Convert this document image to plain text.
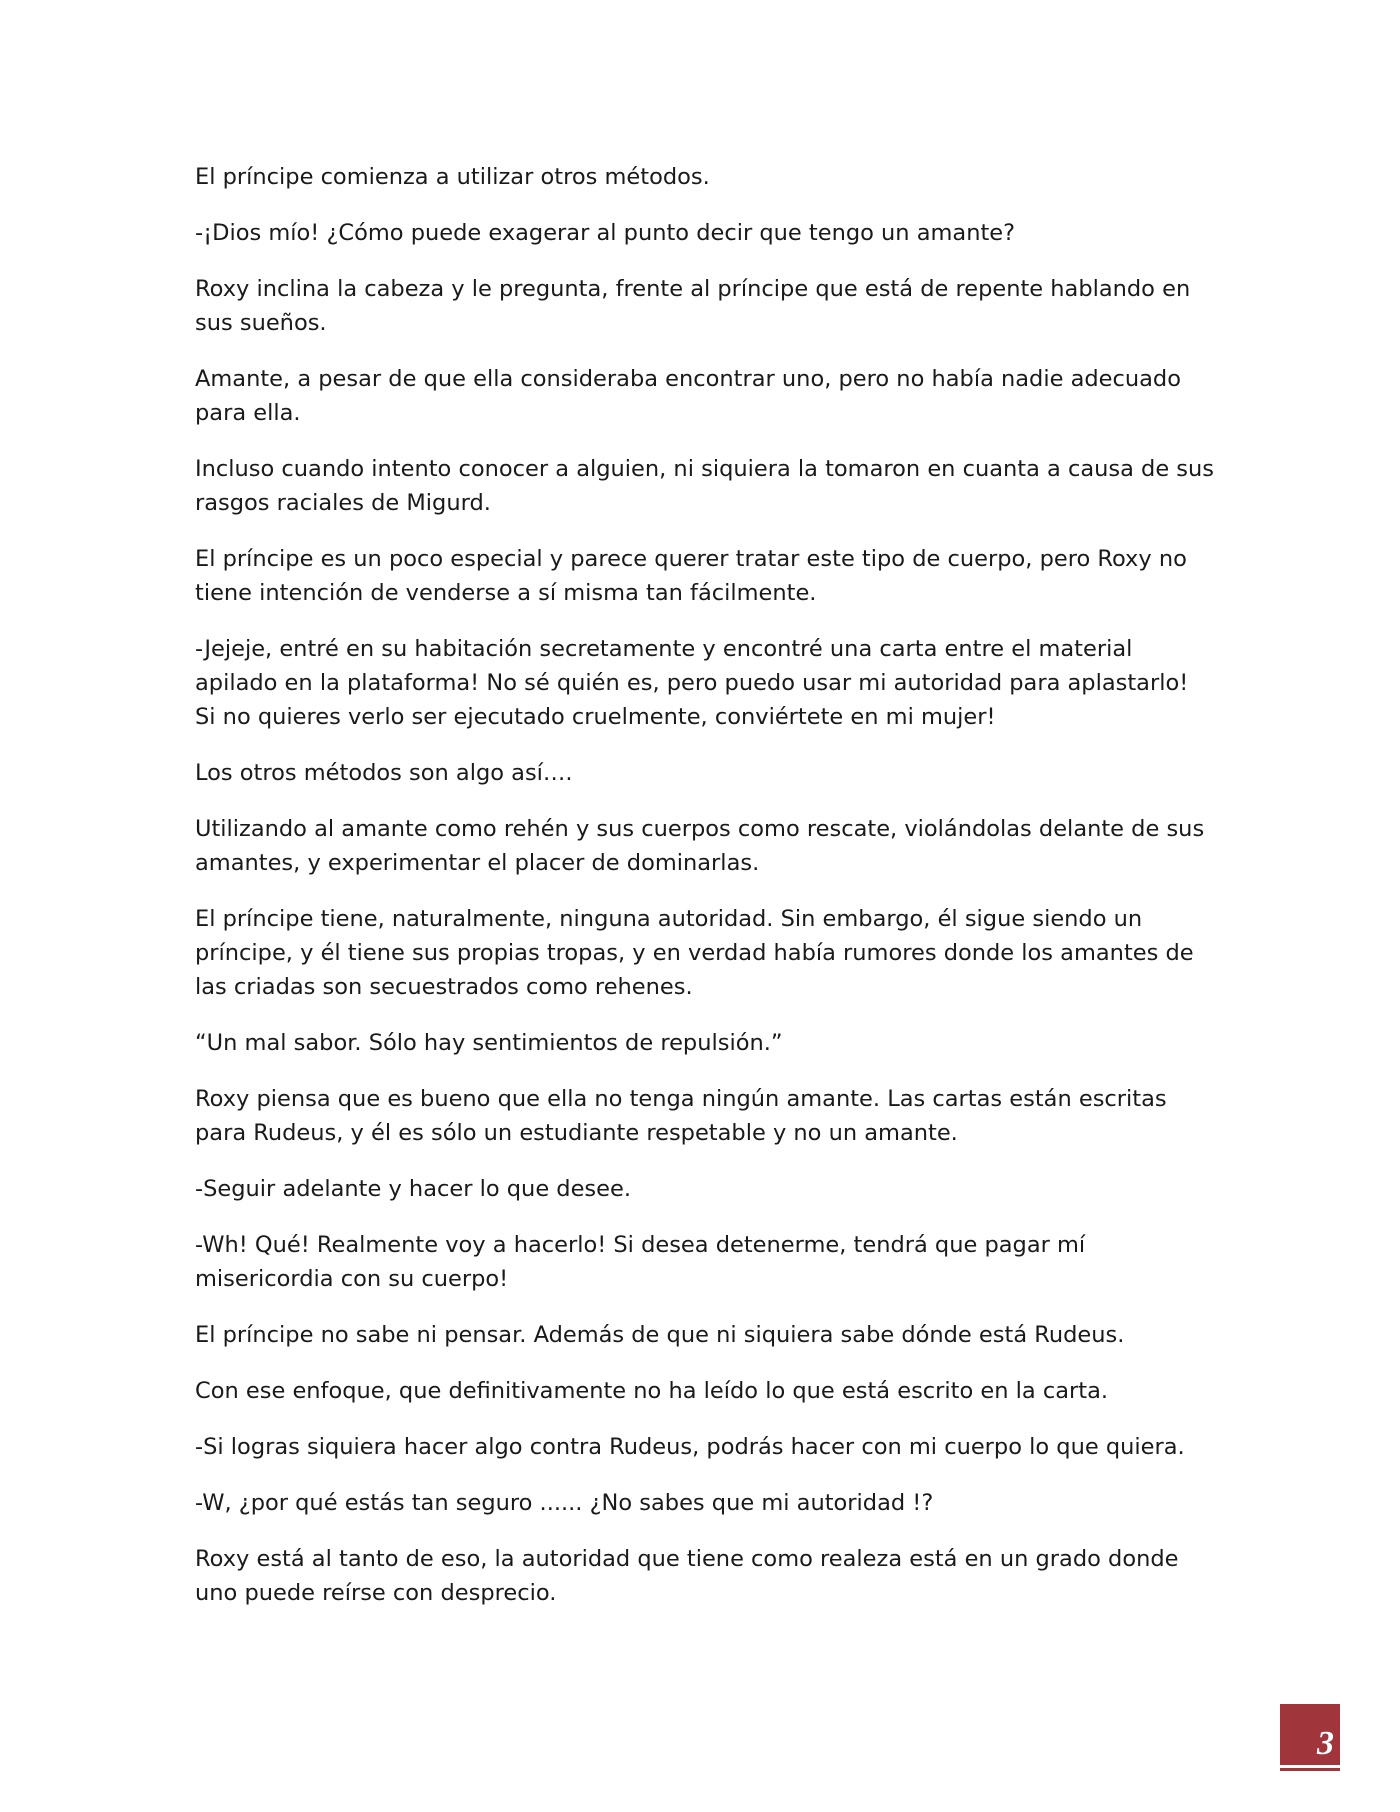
El príncipe comienza a utilizar otros métodos.

-¡Dios mío! ¿Cómo puede exagerar al punto decir que tengo un amante?

Roxy inclina la cabeza y le pregunta, frente al príncipe que está de repente hablando en sus sueños.

Amante, a pesar de que ella consideraba encontrar uno, pero no había nadie adecuado para ella.

Incluso cuando intento conocer a alguien, ni siquiera la tomaron en cuanta a causa de sus rasgos raciales de Migurd.

El príncipe es un poco especial y parece querer tratar este tipo de cuerpo, pero Roxy no tiene intención de venderse a sí misma tan fácilmente.

-Jejeje, entré en su habitación secretamente y encontré una carta entre el material apilado en la plataforma! No sé quién es, pero puedo usar mi autoridad para aplastarlo! Si no quieres verlo ser ejecutado cruelmente, conviértete en mi mujer!

Los otros métodos son algo así….

Utilizando al amante como rehén y sus cuerpos como rescate, violándolas delante de sus amantes, y experimentar el placer de dominarlas.

El príncipe tiene, naturalmente, ninguna autoridad. Sin embargo, él sigue siendo un príncipe, y él tiene sus propias tropas, y en verdad había rumores donde los amantes de las criadas son secuestrados como rehenes.

“Un mal sabor. Sólo hay sentimientos de repulsión.”

Roxy piensa que es bueno que ella no tenga ningún amante. Las cartas están escritas para Rudeus, y él es sólo un estudiante respetable y no un amante.

-Seguir adelante y hacer lo que desee.

-Wh! Qué! Realmente voy a hacerlo! Si desea detenerme, tendrá que pagar mí misericordia con su cuerpo!

El príncipe no sabe ni pensar. Además de que ni siquiera sabe dónde está Rudeus.

Con ese enfoque, que definitivamente no ha leído lo que está escrito en la carta.

-Si logras siquiera hacer algo contra Rudeus, podrás hacer con mi cuerpo lo que quiera.

-W, ¿por qué estás tan seguro ...... ¿No sabes que mi autoridad !?

Roxy está al tanto de eso, la autoridad que tiene como realeza está en un grado donde uno puede reírse con desprecio.

3
